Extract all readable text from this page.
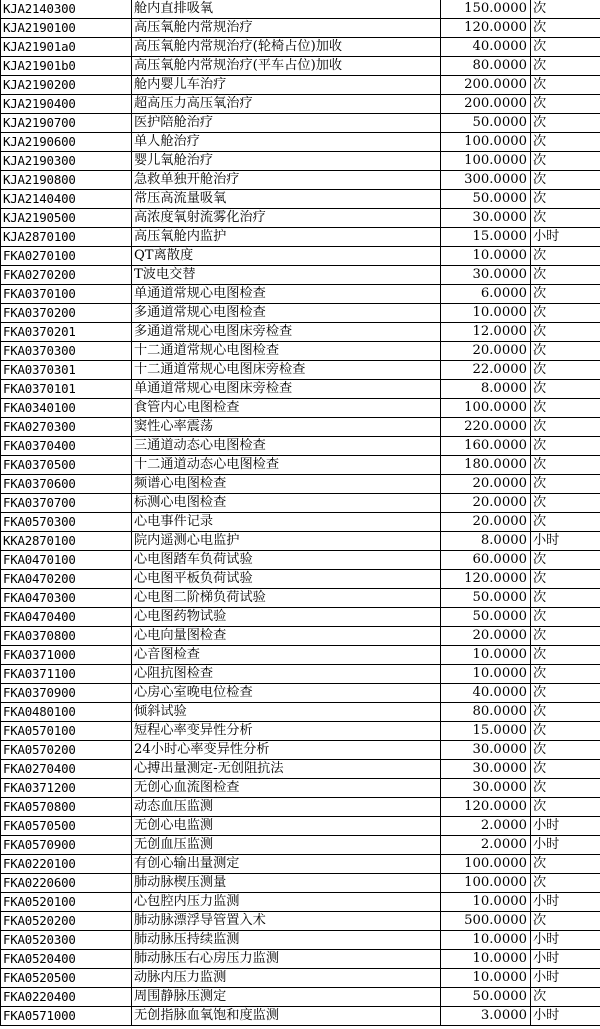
KJA2140300	舱内直排吸氧	150.0000	次
KJA2190100	高压氧舱内常规治疗	120.0000	次
KJA21901a0	高压氧舱内常规治疗(轮椅占位)加收	40.0000	次
KJA21901b0	高压氧舱内常规治疗(平车占位)加收	80.0000	次
KJA2190200	舱内婴儿车治疗	200.0000	次
KJA2190400	超高压力高压氧治疗	200.0000	次
KJA2190700	医护陪舱治疗	50.0000	次
KJA2190600	单人舱治疗	100.0000	次
KJA2190300	婴儿氧舱治疗	100.0000	次
KJA2190800	急救单独开舱治疗	300.0000	次
KJA2140400	常压高流量吸氧	50.0000	次
KJA2190500	高浓度氧射流雾化治疗	30.0000	次
KJA2870100	高压氧舱内监护	15.0000	小时
FKA0270100	QT离散度	10.0000	次
FKA0270200	T波电交替	30.0000	次
FKA0370100	单通道常规心电图检查	6.0000	次
FKA0370200	多通道常规心电图检查	10.0000	次
FKA0370201	多通道常规心电图床旁检查	12.0000	次
FKA0370300	十二通道常规心电图检查	20.0000	次
FKA0370301	十二通道常规心电图床旁检查	22.0000	次
FKA0370101	单通道常规心电图床旁检查	8.0000	次
FKA0340100	食管内心电图检查	100.0000	次
FKA0270300	窦性心率震荡	220.0000	次
FKA0370400	三通道动态心电图检查	160.0000	次
FKA0370500	十二通道动态心电图检查	180.0000	次
FKA0370600	频谱心电图检查	20.0000	次
FKA0370700	标测心电图检查	20.0000	次
FKA0570300	心电事件记录	20.0000	次
KKA2870100	院内遥测心电监护	8.0000	小时
FKA0470100	心电图踏车负荷试验	60.0000	次
FKA0470200	心电图平板负荷试验	120.0000	次
FKA0470300	心电图二阶梯负荷试验	50.0000	次
FKA0470400	心电图药物试验	50.0000	次
FKA0370800	心电向量图检查	20.0000	次
FKA0371000	心音图检查	10.0000	次
FKA0371100	心阻抗图检查	10.0000	次
FKA0370900	心房心室晚电位检查	40.0000	次
FKA0480100	倾斜试验	80.0000	次
FKA0570100	短程心率变异性分析	15.0000	次
FKA0570200	24小时心率变异性分析	30.0000	次
FKA0270400	心搏出量测定-无创阻抗法	30.0000	次
FKA0371200	无创心血流图检查	30.0000	次
FKA0570800	动态血压监测	120.0000	次
FKA0570500	无创心电监测	2.0000	小时
FKA0570900	无创血压监测	2.0000	小时
FKA0220100	有创心输出量测定	100.0000	次
FKA0220600	肺动脉楔压测量	100.0000	次
FKA0520100	心包腔内压力监测	10.0000	小时
FKA0520200	肺动脉漂浮导管置入术	500.0000	次
FKA0520300	肺动脉压持续监测	10.0000	小时
FKA0520400	肺动脉压右心房压力监测	10.0000	小时
FKA0520500	动脉内压力监测	10.0000	小时
FKA0220400	周围静脉压测定	50.0000	次
FKA0571000	无创指脉血氧饱和度监测	3.0000	小时
